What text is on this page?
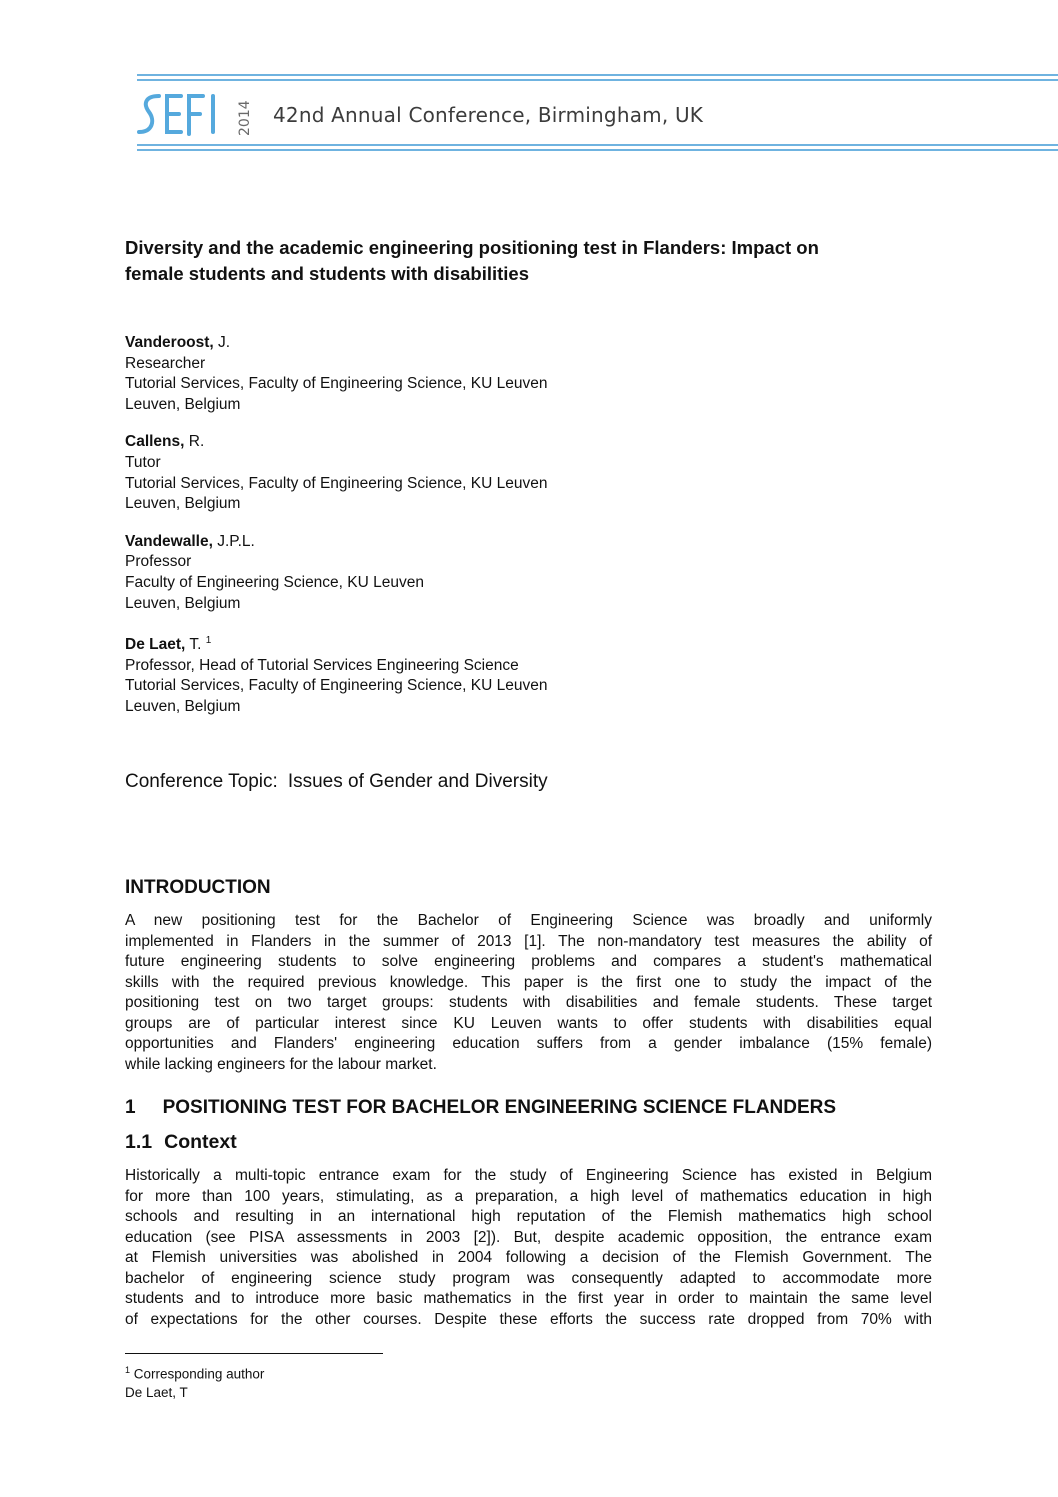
2014 42nd Annual Conference, Birmingham, UK
Diversity and the academic engineering positioning test in Flanders: Impact on
female students and students with disabilities
Vanderoost, J.
Researcher
Tutorial Services, Faculty of Engineering Science, KU Leuven
Leuven, Belgium
Callens, R.
Tutor
Tutorial Services, Faculty of Engineering Science, KU Leuven
Leuven, Belgium
Vandewalle, J.P.L.
Professor
Faculty of Engineering Science, KU Leuven
Leuven, Belgium
De Laet, T. $^1$
Professor, Head of Tutorial Services Engineering Science
Tutorial Services, Faculty of Engineering Science, KU Leuven
Leuven, Belgium
Conference Topic: Issues of Gender and Diversity
INTRODUCTION
A new positioning test for the Bachelor of Engineering Science was broadly and uniformly
implemented in Flanders in the summer of 2013 [1]. The non-mandatory test measures the ability of
future engineering students to solve engineering problems and compares a student's mathematical
skills with the required previous knowledge. This paper is the first one to study the impact of the
positioning test on two target groups: students with disabilities and female students. These target
groups are of particular interest since KU Leuven wants to offer students with disabilities equal
opportunities and Flanders' engineering education suffers from a gender imbalance (15% female)
while lacking engineers for the labour market.
1 POSITIONING TEST FOR BACHELOR ENGINEERING SCIENCE FLANDERS
1.1 Context
Historically a multi-topic entrance exam for the study of Engineering Science has existed in Belgium
for more than 100 years, stimulating, as a preparation, a high level of mathematics education in high
schools and resulting in an international high reputation of the Flemish mathematics high school
education (see PISA assessments in 2003 [2]). But, despite academic opposition, the entrance exam
at Flemish universities was abolished in 2004 following a decision of the Flemish Government. The
bachelor of engineering science study program was consequently adapted to accommodate more
students and to introduce more basic mathematics in the first year in order to maintain the same level
of expectations for the other courses. Despite these efforts the success rate dropped from 70% with
$^1$ Corresponding author
De Laet, T
